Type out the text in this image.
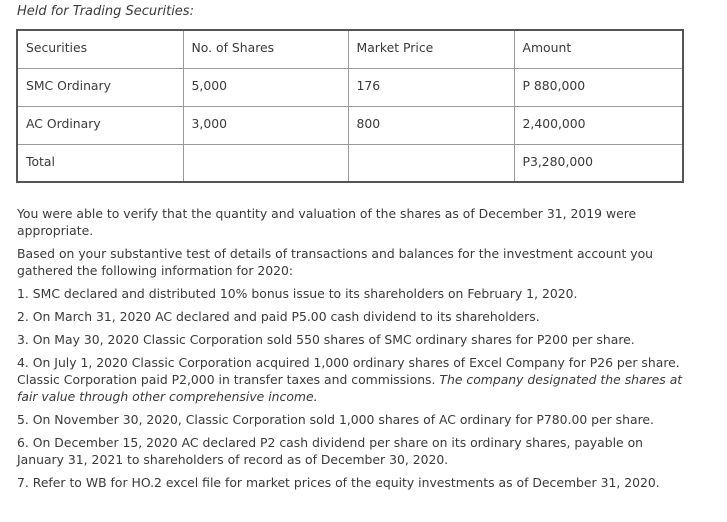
Held for Trading Securities:
Securities	No. of Shares	Market Price	Amount
SMC Ordinary	5,000	176	P 880,000
AC Ordinary	3,000	800	2,400,000
Total			P3,280,000

You were able to verify that the quantity and valuation of the shares as of December 31, 2019 were appropriate.

Based on your substantive test of details of transactions and balances for the investment account you gathered the following information for 2020:

1. SMC declared and distributed 10% bonus issue to its shareholders on February 1, 2020.

2. On March 31, 2020 AC declared and paid P5.00 cash dividend to its shareholders.

3. On May 30, 2020 Classic Corporation sold 550 shares of SMC ordinary shares for P200 per share.

4. On July 1, 2020 Classic Corporation acquired 1,000 ordinary shares of Excel Company for P26 per share. Classic Corporation paid P2,000 in transfer taxes and commissions. The company designated the shares at fair value through other comprehensive income.

5. On November 30, 2020, Classic Corporation sold 1,000 shares of AC ordinary for P780.00 per share.

6. On December 15, 2020 AC declared P2 cash dividend per share on its ordinary shares, payable on January 31, 2021 to shareholders of record as of December 30, 2020.

7. Refer to WB for HO.2 excel file for market prices of the equity investments as of December 31, 2020.
